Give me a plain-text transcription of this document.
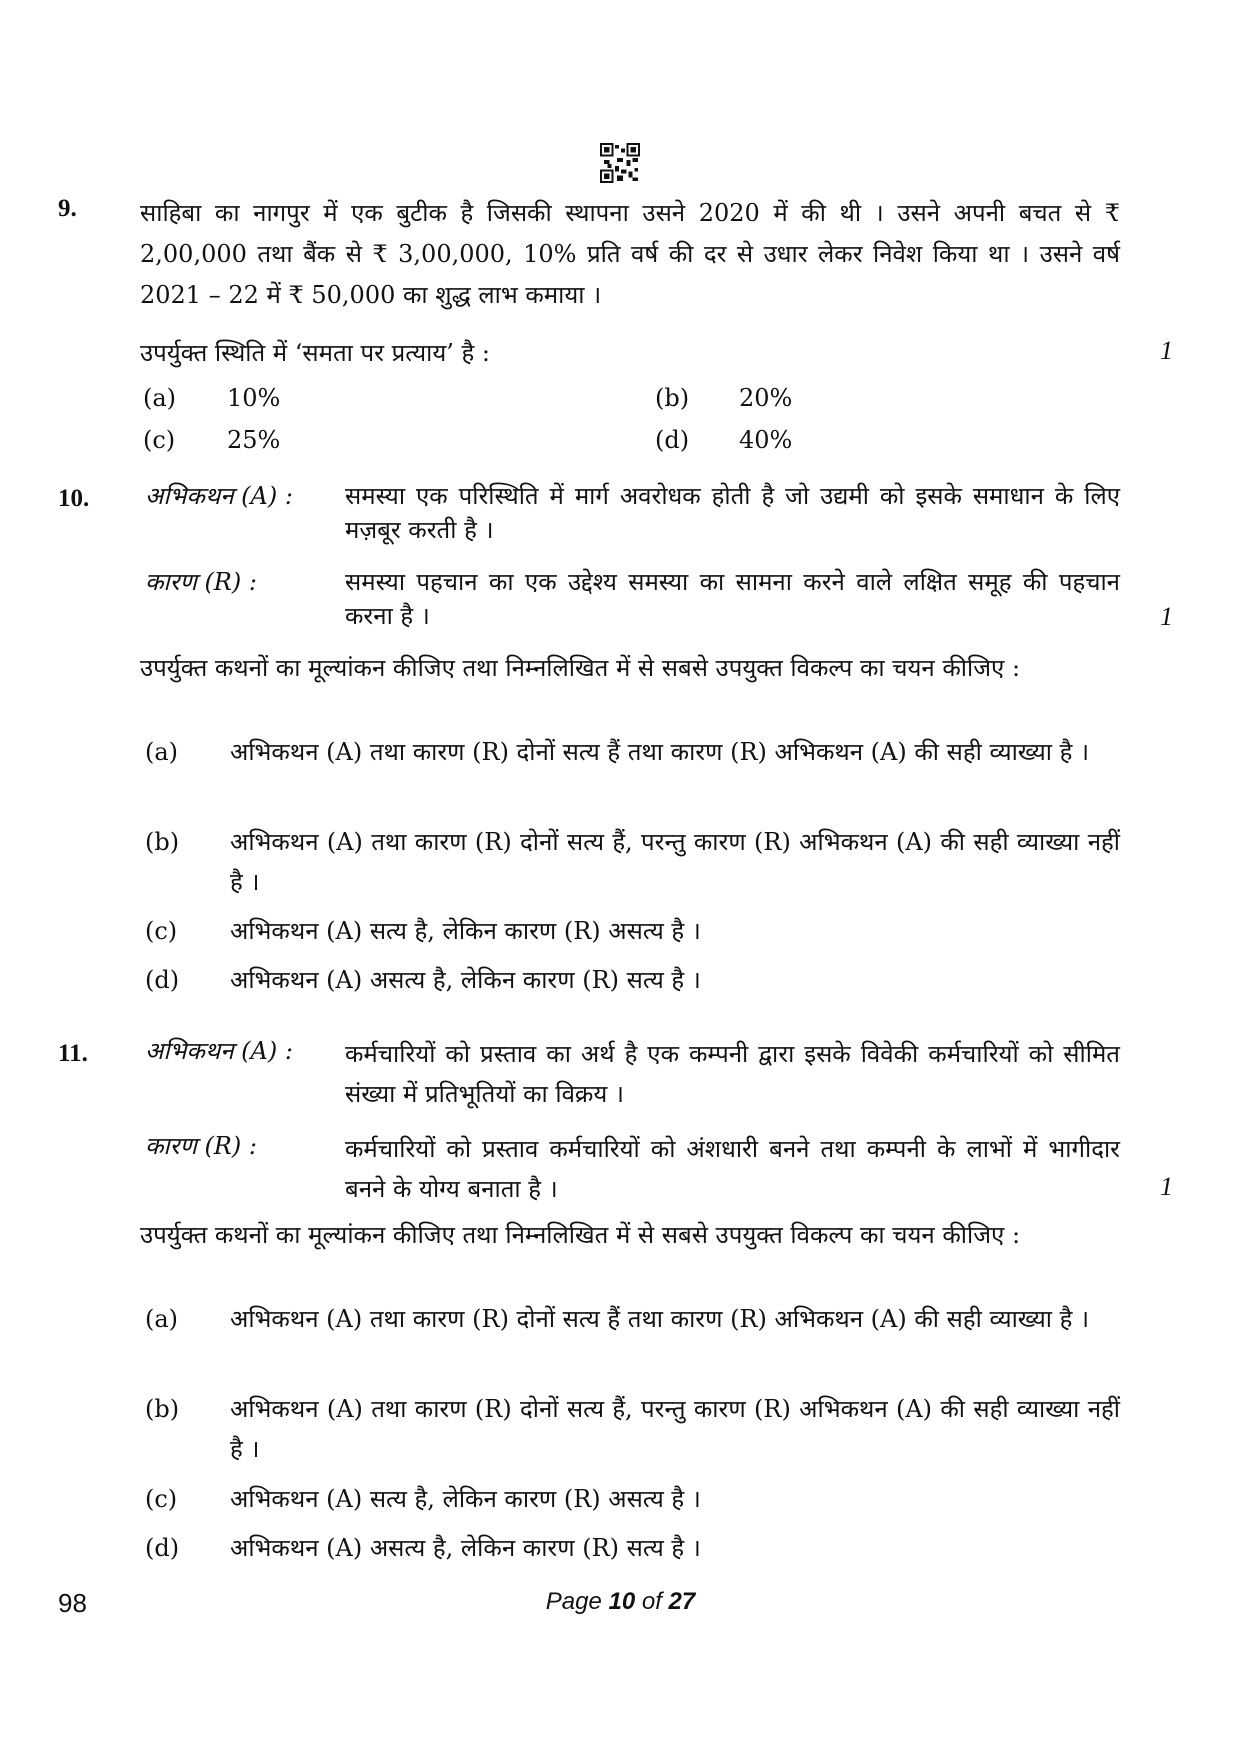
9.	साहिबा का नागपुर में एक बुटीक है जिसकी स्थापना उसने 2020 में की थी । उसने अपनी बचत से ₹ 2,00,000 तथा बैंक से ₹ 3,00,000, 10% प्रति वर्ष की दर से उधार लेकर निवेश किया था । उसने वर्ष 2021 – 22 में ₹ 50,000 का शुद्ध लाभ कमाया ।
उपर्युक्त स्थिति में ‘समता पर प्रत्याय’ है :	1
(a) 10%	(b) 20%
(c) 25%	(d) 40%
10. अभिकथन (A) : समस्या एक परिस्थिति में मार्ग अवरोधक होती है जो उद्यमी को इसके समाधान के लिए मज़बूर करती है ।
कारण (R) :	समस्या पहचान का एक उद्देश्य समस्या का सामना करने वाले लक्षित समूह की पहचान करना है ।	1
उपर्युक्त कथनों का मूल्यांकन कीजिए तथा निम्नलिखित में से सबसे उपयुक्त विकल्प का चयन कीजिए :
(a) अभिकथन (A) तथा कारण (R) दोनों सत्य हैं तथा कारण (R) अभिकथन (A) की सही व्याख्या है ।
(b) अभिकथन (A) तथा कारण (R) दोनों सत्य हैं, परन्तु कारण (R) अभिकथन (A) की सही व्याख्या नहीं है ।
(c) अभिकथन (A) सत्य है, लेकिन कारण (R) असत्य है ।
(d) अभिकथन (A) असत्य है, लेकिन कारण (R) सत्य है ।
11. अभिकथन (A) : कर्मचारियों को प्रस्ताव का अर्थ है एक कम्पनी द्वारा इसके विवेकी कर्मचारियों को सीमित संख्या में प्रतिभूतियों का विक्रय ।
कारण (R) :	कर्मचारियों को प्रस्ताव कर्मचारियों को अंशधारी बनने तथा कम्पनी के लाभों में भागीदार बनने के योग्य बनाता है ।	1
उपर्युक्त कथनों का मूल्यांकन कीजिए तथा निम्नलिखित में से सबसे उपयुक्त विकल्प का चयन कीजिए :
(a) अभिकथन (A) तथा कारण (R) दोनों सत्य हैं तथा कारण (R) अभिकथन (A) की सही व्याख्या है ।
(b) अभिकथन (A) तथा कारण (R) दोनों सत्य हैं, परन्तु कारण (R) अभिकथन (A) की सही व्याख्या नहीं है ।
(c) अभिकथन (A) सत्य है, लेकिन कारण (R) असत्य है ।
(d) अभिकथन (A) असत्य है, लेकिन कारण (R) सत्य है ।
98	Page 10 of 27
